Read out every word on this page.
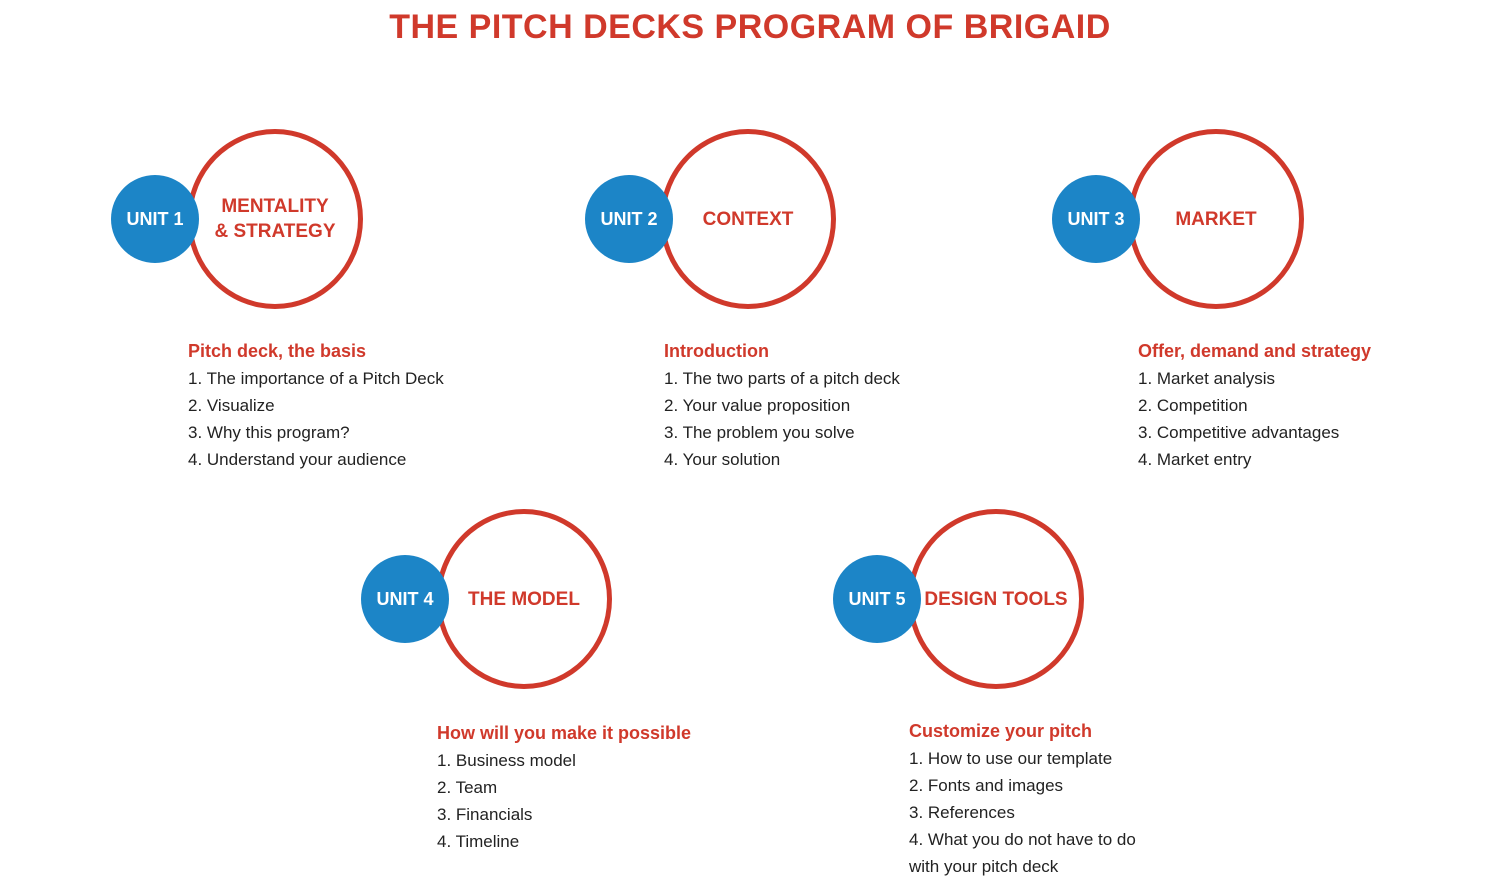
THE PITCH DECKS PROGRAM OF BRIGAID
MENTALITY
& STRATEGY
UNIT 1

Pitch deck, the basis

1. The importance of a Pitch Deck
2. Visualize
3. Why this program?
4. Understand your audience
CONTEXT
UNIT 2

Introduction

1. The two parts of a pitch deck
2. Your value proposition
3. The problem you solve
4. Your solution
MARKET
UNIT 3

Offer, demand and strategy

1. Market analysis
2. Competition
3. Competitive advantages
4. Market entry
THE MODEL
UNIT 4

How will you make it possible

1. Business model
2. Team
3. Financials
4. Timeline
DESIGN TOOLS
UNIT 5

Customize your pitch

1. How to use our template
2. Fonts and images
3. References
4. What you do not have to do
with your pitch deck
